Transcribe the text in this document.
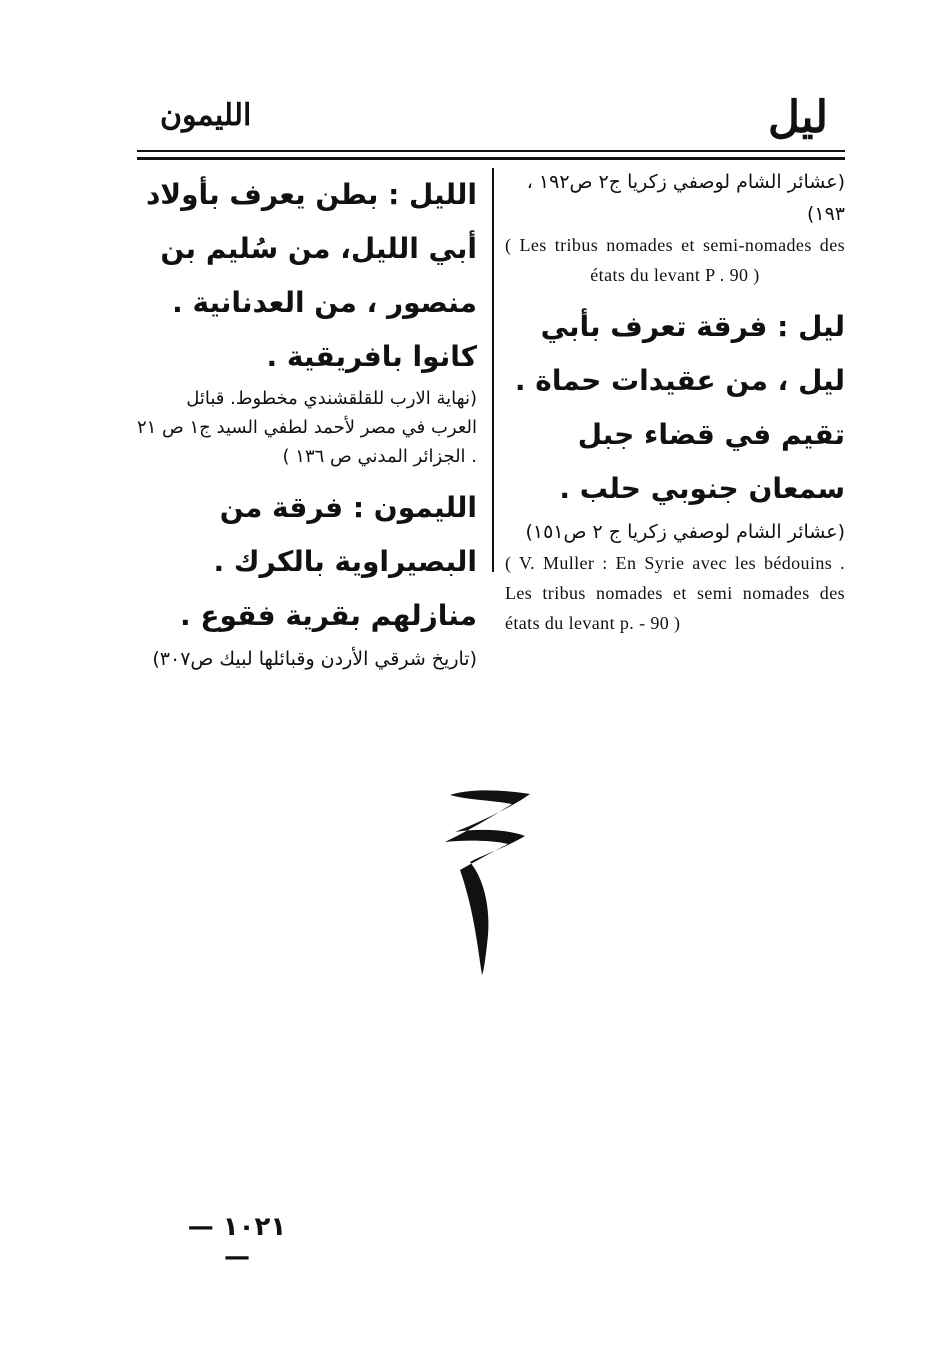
ليل
الليمون
(عشائر الشام لوصفي زكريا ج٢ ص١٩٢ ، ١٩٣)
( Les tribus nomades et semi-nomades des états du levant P . 90 )
ليل : فرقة تعرف بأبي ليل ، من عقيدات حماة . تقيم في قضاء جبل سمعان جنوبي حلب .
(عشائر الشام لوصفي زكريا ج ٢ ص١٥١)
( V. Muller : En Syrie avec les bédouins . Les tribus nomades et semi nomades des états du levant p. - 90 )
الليل : بطن يعرف بأولاد أبي الليل، من سُليم بن منصور ، من العدنانية . كانوا بافريقية .
(نهاية الارب للقلقشندي مخطوط. قبائل العرب في مصر لأحمد لطفي السيد ج١ ص ٢١ . الجزائر المدني ص ١٣٦ )
الليمون : فرقة من البصيراوية بالكرك . منازلهم بقرية فقوع .
(تاريخ شرقي الأردن وقبائلها لبيك ص٣٠٧)
— ١٠٢١ —
